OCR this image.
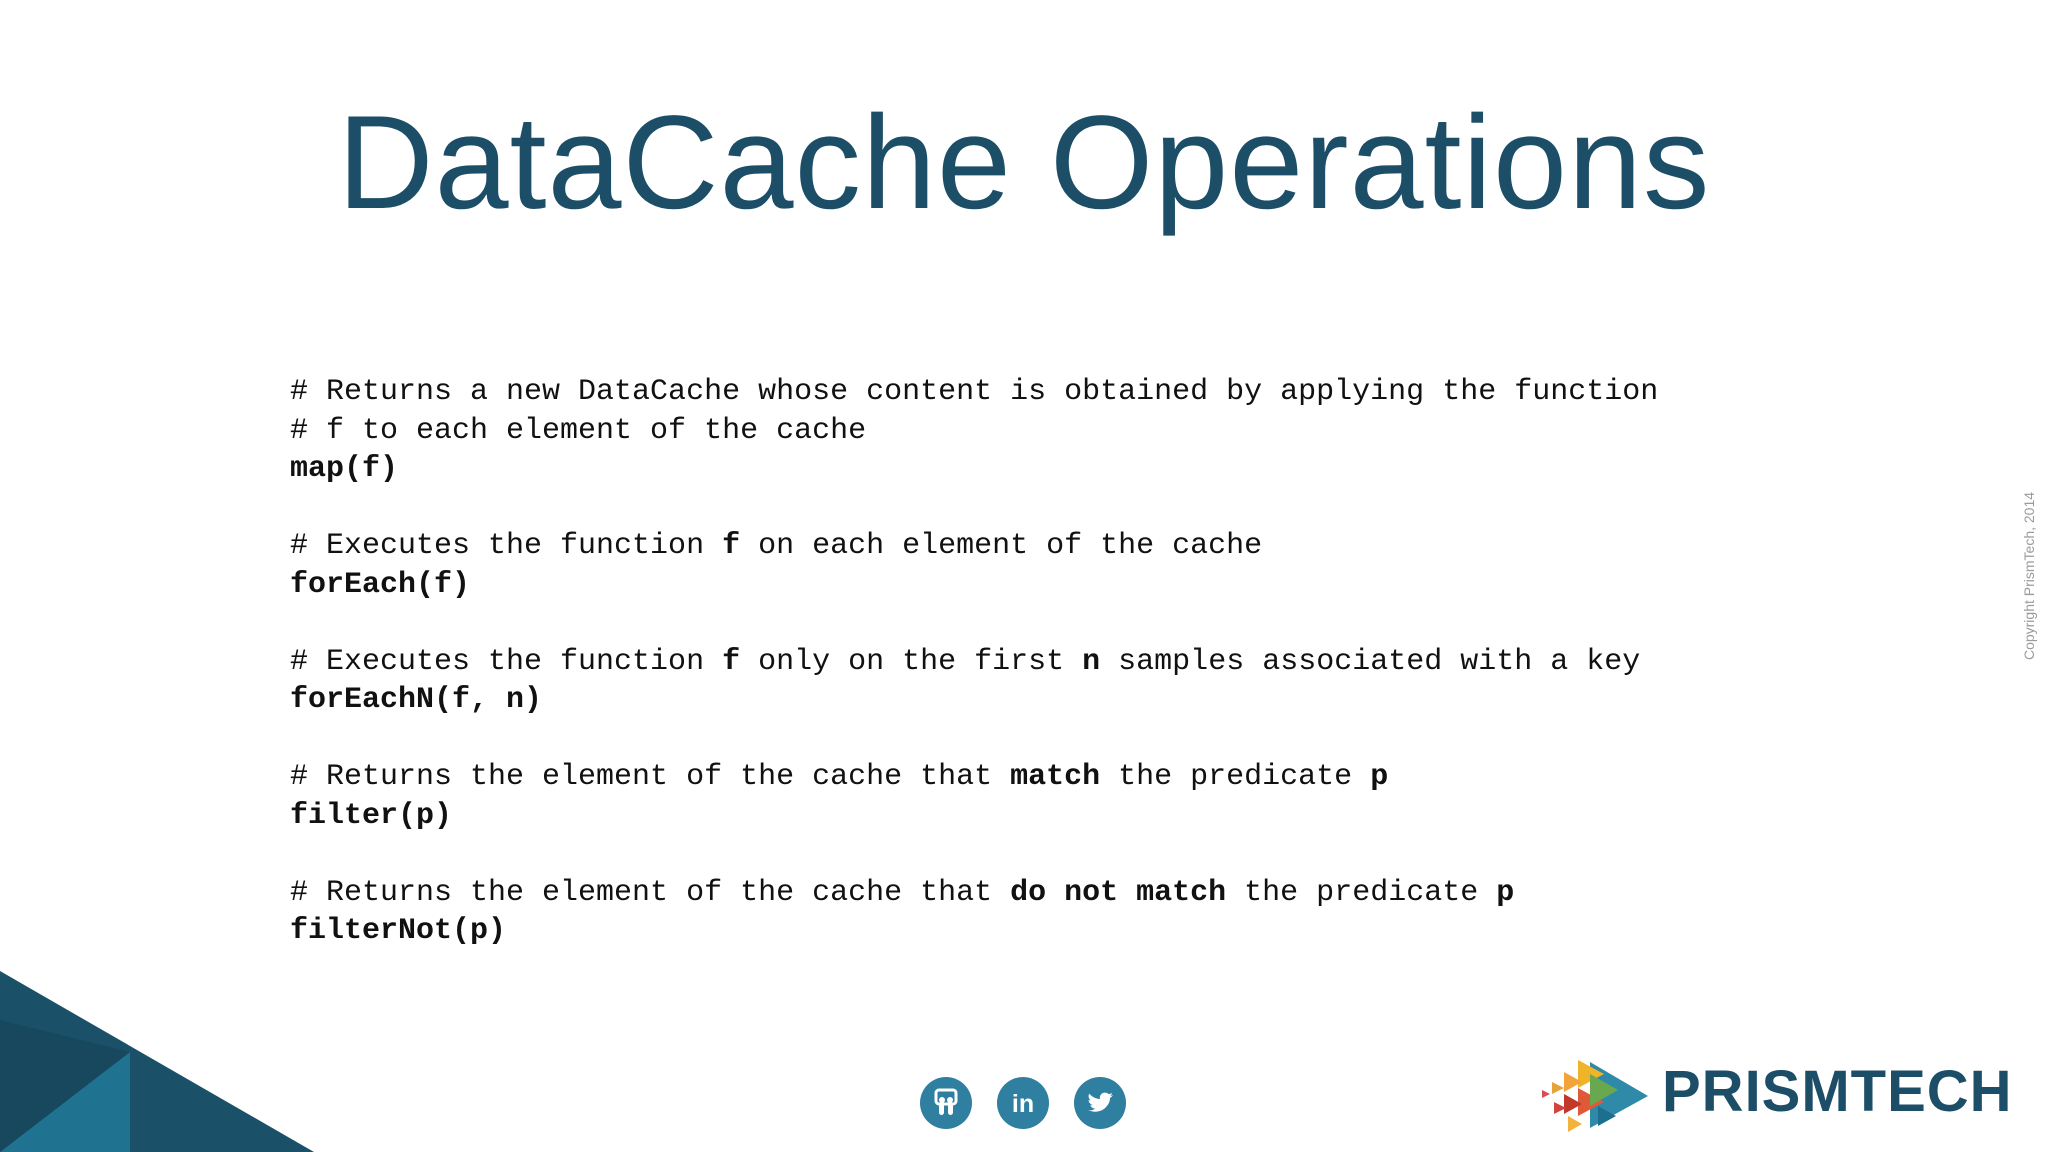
DataCache Operations
# Returns a new DataCache whose content is obtained by applying the function
# f to each element of the cache
map(f)
# Executes the function f on each element of the cache
forEach(f)
# Executes the function f only on the first n samples associated with a key
forEachN(f, n)
# Returns the element of the cache that match the predicate p
filter(p)
# Returns the element of the cache that do not match the predicate p
filterNot(p)
Copyright PrismTech, 2014
in	PRISMTECH
